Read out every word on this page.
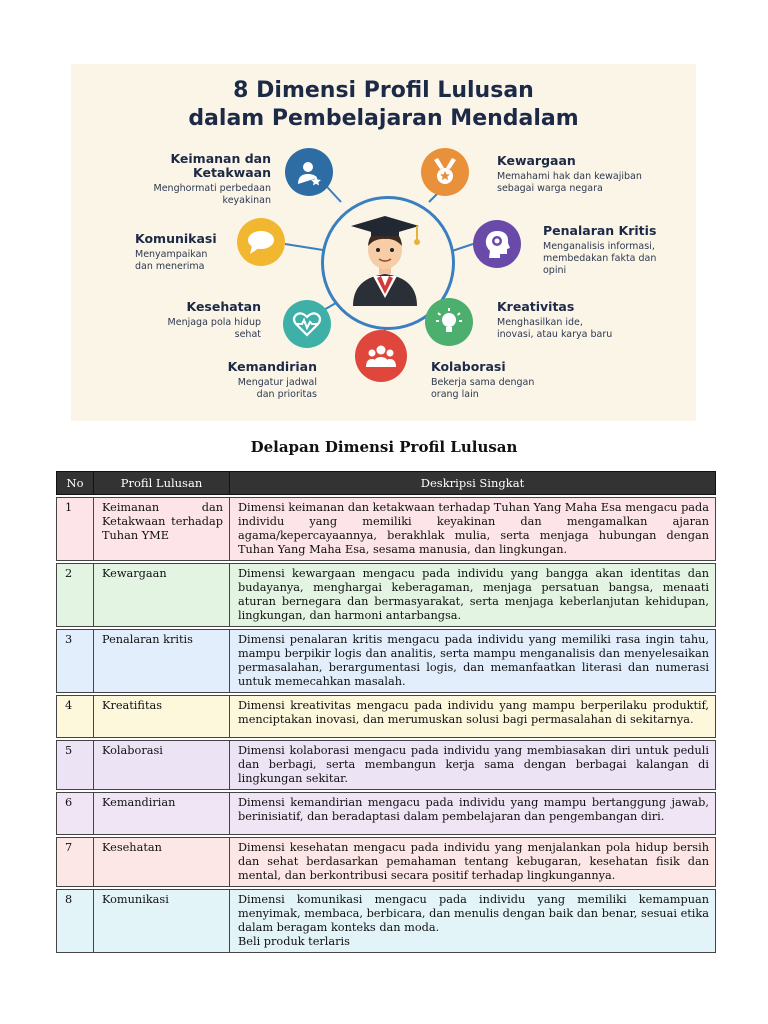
8 Dimensi Profil Lulusan
dalam Pembelajaran Mendalam
Keimanan dan
Ketakwaan
Menghormati perbedaan
keyakinan
Kewargaan
Memahami hak dan kewajiban
sebagai warga negara
Komunikasi
Menyampaikan
dan menerima
Penalaran Kritis
Menganalisis informasi,
membedakan fakta dan
opini
Kesehatan
Menjaga pola hidup
sehat
Kreativitas
Menghasilkan ide,
inovasi, atau karya baru
Kemandirian
Mengatur jadwal
dan prioritas
Kolaborasi
Bekerja sama dengan
orang lain
Delapan Dimensi Profil Lulusan
No	Profil Lulusan	Deskripsi Singkat

1	Keimanan dan Ketakwaan terhadap Tuhan YME	Dimensi keimanan dan ketakwaan terhadap Tuhan Yang Maha Esa mengacu pada individu yang memiliki keyakinan dan mengamalkan ajaran agama/kepercayaannya, berakhlak mulia, serta menjaga hubungan dengan Tuhan Yang Maha Esa, sesama manusia, dan lingkungan.

2	Kewargaan	Dimensi kewargaan mengacu pada individu yang bangga akan identitas dan budayanya, menghargai keberagaman, menjaga persatuan bangsa, menaati aturan bernegara dan bermasyarakat, serta menjaga keberlanjutan kehidupan, lingkungan, dan harmoni antarbangsa.

3	Penalaran kritis	Dimensi penalaran kritis mengacu pada individu yang memiliki rasa ingin tahu, mampu berpikir logis dan analitis, serta mampu menganalisis dan menyelesaikan permasalahan, berargumentasi logis, dan memanfaatkan literasi dan numerasi untuk memecahkan masalah.

4	Kreatifitas	Dimensi kreativitas mengacu pada individu yang mampu berperilaku produktif, menciptakan inovasi, dan merumuskan solusi bagi permasalahan di sekitarnya.

5	Kolaborasi	Dimensi kolaborasi mengacu pada individu yang membiasakan diri untuk peduli dan berbagi, serta membangun kerja sama dengan berbagai kalangan di lingkungan sekitar.

6	Kemandirian	Dimensi kemandirian mengacu pada individu yang mampu bertanggung jawab, berinisiatif, dan beradaptasi dalam pembelajaran dan pengembangan diri.

7	Kesehatan	Dimensi kesehatan mengacu pada individu yang menjalankan pola hidup bersih dan sehat berdasarkan pemahaman tentang kebugaran, kesehatan fisik dan mental, dan berkontribusi secara positif terhadap lingkungannya.

8	Komunikasi	Dimensi komunikasi mengacu pada individu yang memiliki kemampuan menyimak, membaca, berbicara, dan menulis dengan baik dan benar, sesuai etika dalam beragam konteks dan moda.
Beli produk terlaris
